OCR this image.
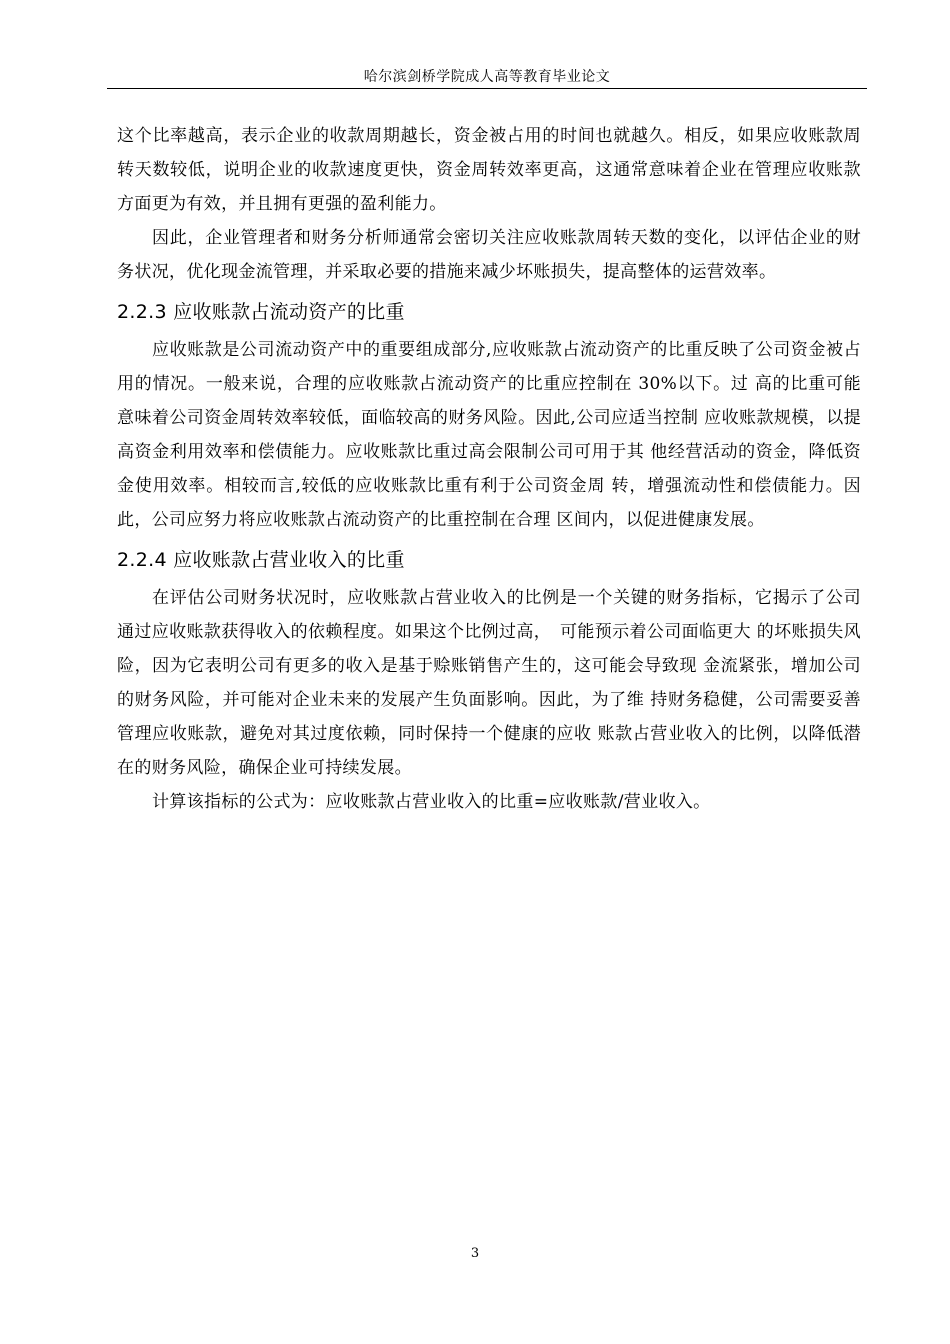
哈尔滨剑桥学院成人高等教育毕业论文

这个比率越高，表示企业的收款周期越长，资金被占用的时间也就越久。相反，如果应收账款周转天数较低，说明企业的收款速度更快，资金周转效率更高，这通常意味着企业在管理应收账款方面更为有效，并且拥有更强的盈利能力。

因此，企业管理者和财务分析师通常会密切关注应收账款周转天数的变化，以评估企业的财务状况，优化现金流管理，并采取必要的措施来减少坏账损失，提高整体的运营效率。

2.2.3 应收账款占流动资产的比重

应收账款是公司流动资产中的重要组成部分,应收账款占流动资产的比重反映了公司资金被占用的情况。一般来说，合理的应收账款占流动资产的比重应控制在 30%以下。过 高的比重可能意味着公司资金周转效率较低，面临较高的财务风险。因此,公司应适当控制 应收账款规模，以提高资金利用效率和偿债能力。应收账款比重过高会限制公司可用于其 他经营活动的资金，降低资金使用效率。相较而言,较低的应收账款比重有利于公司资金周 转，增强流动性和偿债能力。因此，公司应努力将应收账款占流动资产的比重控制在合理 区间内，以促进健康发展。

2.2.4 应收账款占营业收入的比重

在评估公司财务状况时，应收账款占营业收入的比例是一个关键的财务指标，它揭示了公司通过应收账款获得收入的依赖程度。如果这个比例过高，　可能预示着公司面临更大 的坏账损失风险，因为它表明公司有更多的收入是基于赊账销售产生的，这可能会导致现 金流紧张，增加公司的财务风险，并可能对企业未来的发展产生负面影响。因此，为了维 持财务稳健，公司需要妥善管理应收账款，避免对其过度依赖，同时保持一个健康的应收 账款占营业收入的比例，以降低潜在的财务风险，确保企业可持续发展。

计算该指标的公式为：应收账款占营业收入的比重=应收账款/营业收入。

3
